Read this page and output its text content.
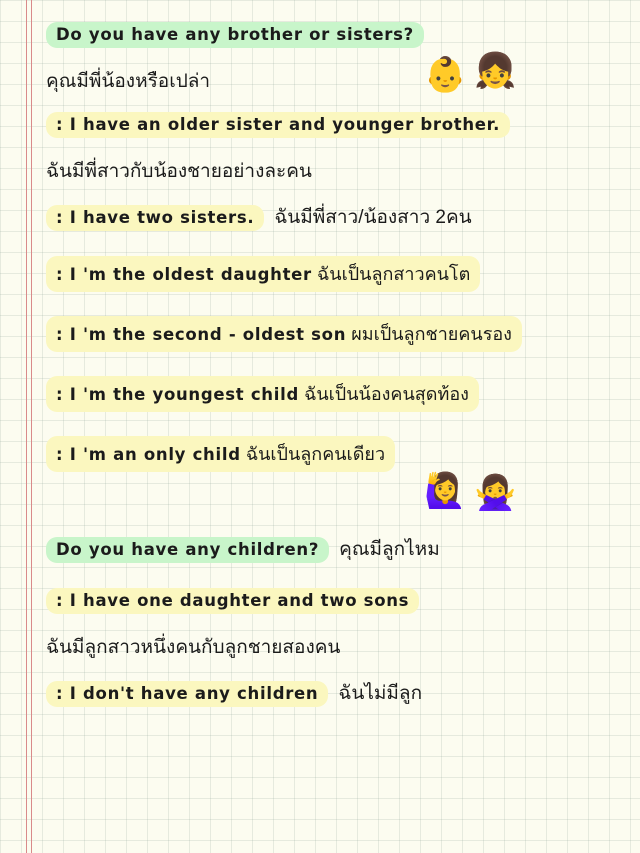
Do you have any brother or sisters?
คุณมีพี่น้องหรือเปล่า	👶 👧
: I have an older sister and younger brother.
ฉันมีพี่สาวกับน้องชายอย่างละคน
: I have two sisters.	ฉันมีพี่สาว/น้องสาว 2คน
: I 'm the oldest daughter ฉันเป็นลูกสาวคนโต
: I 'm the second - oldest son ผมเป็นลูกชายคนรอง
: I 'm the youngest child ฉันเป็นน้องคนสุดท้อง
: I 'm an only child ฉันเป็นลูกคนเดียว
🙋‍♀️ 🙅‍♀️
Do you have any children?	คุณมีลูกไหม
: I have one daughter and two sons
ฉันมีลูกสาวหนึ่งคนกับลูกชายสองคน
: I don't have any children	ฉันไม่มีลูก
